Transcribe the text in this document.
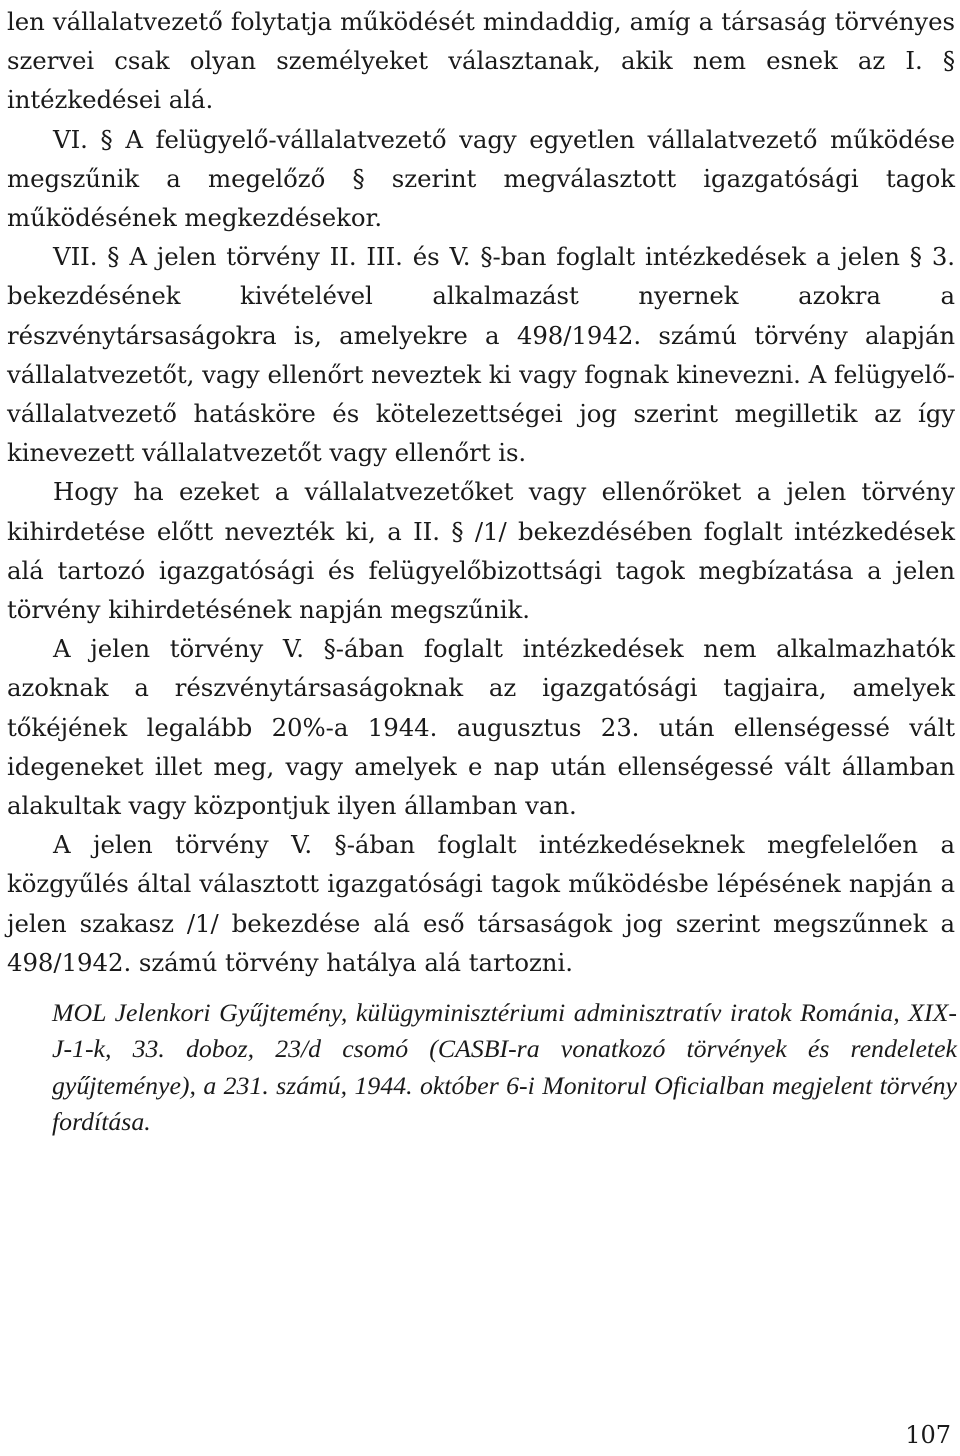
len vállalatvezető folytatja működését mindaddig, amíg a társaság törvényes szervei csak olyan személyeket választanak, akik nem esnek az I. § intézkedései alá.

VI. § A felügyelő-vállalatvezető vagy egyetlen vállalatvezető működése megszűnik a megelőző § szerint megválasztott igazgatósági tagok működésének megkezdésekor.

VII. § A jelen törvény II. III. és V. §-ban foglalt intézkedések a jelen § 3. bekezdésének kivételével alkalmazást nyernek azokra a részvénytársaságokra is, amelyekre a 498/1942. számú törvény alapján vállalatvezetőt, vagy ellenőrt neveztek ki vagy fognak kinevezni. A felügyelő-vállalatvezető hatásköre és kötelezettségei jog szerint megilletik az így kinevezett vállalatvezetőt vagy ellenőrt is.

Hogy ha ezeket a vállalatvezetőket vagy ellenőröket a jelen törvény kihirdetése előtt nevezték ki, a II. § /1/ bekezdésében foglalt intézkedések alá tartozó igazgatósági és felügyelőbizottsági tagok megbízatása a jelen törvény kihirdetésének napján megszűnik.

A jelen törvény V. §-ában foglalt intézkedések nem alkalmazhatók azoknak a részvénytársaságoknak az igazgatósági tagjaira, amelyek tőkéjének legalább 20%-a 1944. augusztus 23. után ellenségessé vált idegeneket illet meg, vagy amelyek e nap után ellenségessé vált államban alakultak vagy központjuk ilyen államban van.

A jelen törvény V. §-ában foglalt intézkedéseknek megfelelően a közgyűlés által választott igazgatósági tagok működésbe lépésének napján a jelen szakasz /1/ bekezdése alá eső társaságok jog szerint megszűnnek a 498/1942. számú törvény hatálya alá tartozni.

MOL Jelenkori Gyűjtemény, külügyminisztériumi adminisztratív iratok Románia, XIX-J-1-k, 33. doboz, 23/d csomó (CASBI-ra vonatkozó törvények és rendeletek gyűjteménye), a 231. számú, 1944. október 6-i Monitorul Oficialban megjelent törvény fordítása.

107
